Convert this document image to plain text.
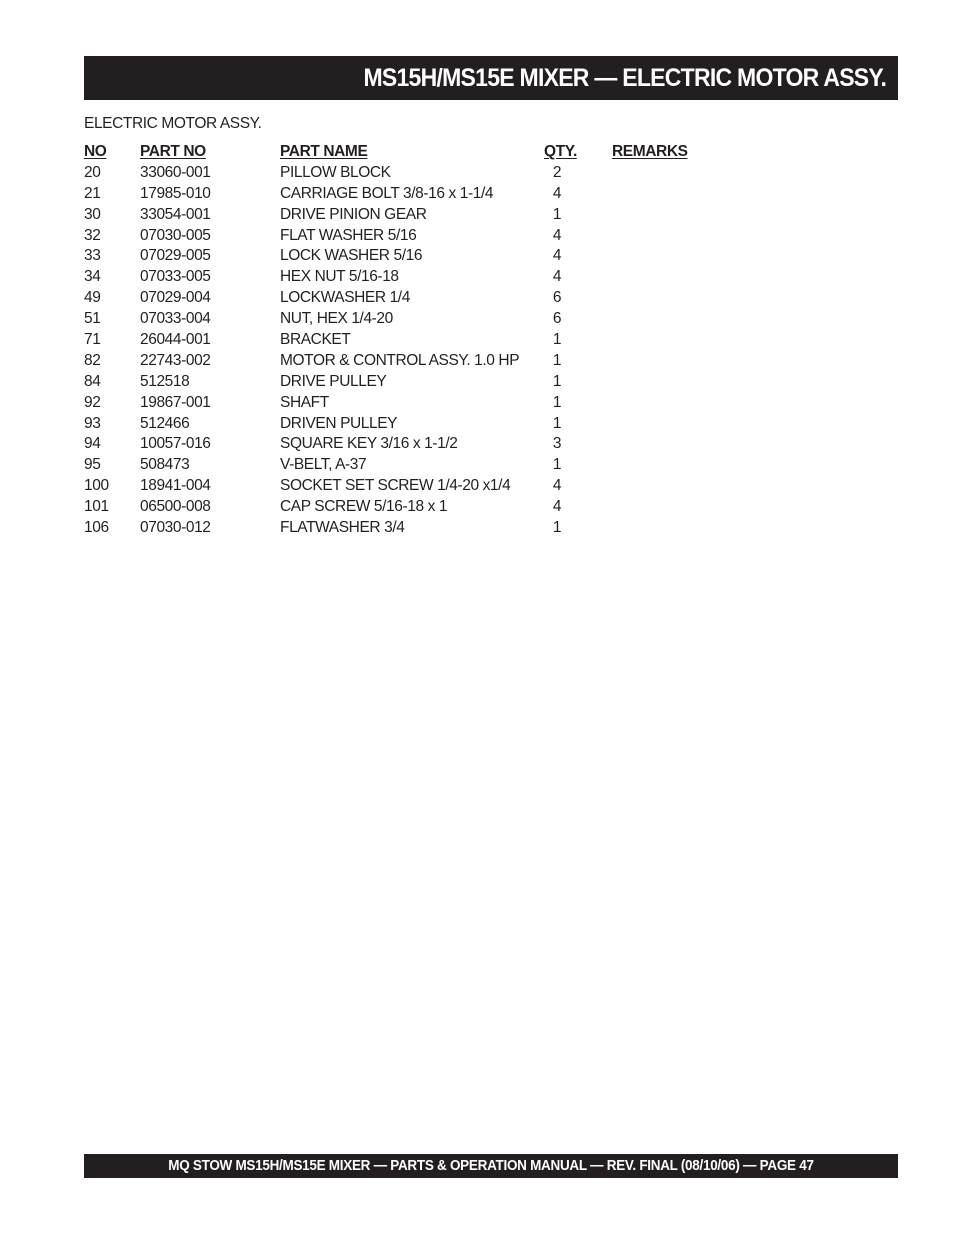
MS15H/MS15E MIXER — ELECTRIC MOTOR ASSY.
ELECTRIC MOTOR ASSY.
NO PART NO	PART NAME	QTY. REMARKS
20	33060-001	PILLOW BLOCK	2
21	17985-010	CARRIAGE BOLT 3/8-16 x 1-1/4	4
30	33054-001	DRIVE PINION GEAR	1
32	07030-005	FLAT WASHER 5/16	4
33	07029-005	LOCK WASHER 5/16	4
34	07033-005	HEX NUT 5/16-18	4
49	07029-004	LOCKWASHER 1/4	6
51	07033-004	NUT, HEX 1/4-20	6
71	26044-001	BRACKET	1
82	22743-002	MOTOR & CONTROL ASSY. 1.0 HP	1
84	512518	DRIVE PULLEY	1
92	19867-001	SHAFT	1
93	512466	DRIVEN PULLEY	1
94	10057-016	SQUARE KEY 3/16 x 1-1/2	3
95	508473	V-BELT, A-37	1
100 18941-004	SOCKET SET SCREW 1/4-20 x1/4	4
101 06500-008	CAP SCREW 5/16-18 x 1	4
106 07030-012	FLATWASHER 3/4	1
MQ STOW MS15H/MS15E MIXER — PARTS & OPERATION MANUAL — REV. FINAL (08/10/06) — PAGE 47
